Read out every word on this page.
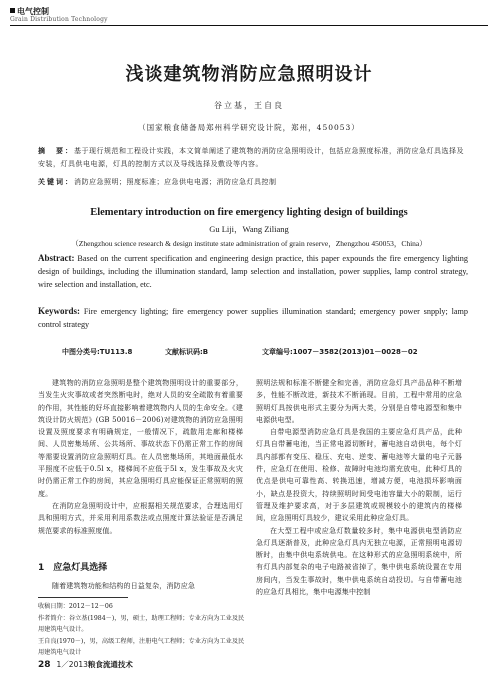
电气控制
Grain Distribution Technology
浅谈建筑物消防应急照明设计
谷立基，王自良
（国家粮食储备局郑州科学研究设计院，郑州，450053）
摘　要：基于现行规范和工程设计实践，本文简单阐述了建筑物的消防应急照明设计，包括应急照度标准，消防应急灯具选择及安装，灯具供电电源，灯具的控制方式以及导线选择及敷设等内容。
关键词：消防应急照明；照度标准；应急供电电源；消防应急灯具控制
Elementary introduction on fire emergency lighting design of buildings
Gu Liji，Wang Ziliang
（Zhengzhou science research & design institute state administration of grain reserve，Zhengzhou 450053，China）
Abstract: Based on the current specification and engineering design practice, this paper expounds the fire emergency lighting design of buildings, including the illumination standard, lamp selection and installation, power supplies, lamp control strategy, wire selection and installation, etc.
Keywords: Fire emergency lighting; fire emergency power supplies illumination standard; emergency power snpply; lamp control strategy
中图分类号:TU113.8	文献标识码:B	文章编号:1007－3582(2013)01－0028－02

建筑物的消防应急照明是整个建筑物照明设计的重要部分，当发生火灾事故或者突然断电时，绝对人员的安全疏散有着重要的作用，其性能的好坏直接影响着建筑物内人员的生命安全。《建筑设计防火规范》(GB 50016－2006)对建筑物的消防应急照明设置及照度要求有明确规定，一般情况下，疏散用走廊和楼梯间、人员密集场所、公共场所、事故状态下仍需正常工作的房间等需要设置消防应急照明灯具。在人员密集场所，其地面最低水平照度不应低于0.5l x，楼梯间不应低于5l x，发生事故及火灾时仍需正常工作的房间，其应急照明灯具应能保证正常照明的照度。

在消防应急照明设计中，应根据相关规范要求，合理选用灯具和照明方式，并采用利用系数法或点照度计算法验证是否满足规范要求的标准照度值。

1　应急灯具选择
随着建筑物功能和结构的日益复杂，消防应急

照明法规和标准不断健全和完善，消防应急灯具产品品种不断增多，性能不断改进，新技术不断涌现。目前，工程中常用的应急照明灯具按供电形式主要分为两大类，分别是自带电源型和集中电源供电型。

自带电源型消防应急灯具是我国的主要应急灯具产品，此种灯具自带蓄电池，当正常电源切断时，蓄电池自动供电，每个灯具内部都有变压、稳压、充电、逆变、蓄电池等大量的电子元器件，应急灯在使用、检修、故障时电池均需充放电，此种灯具的优点是供电可靠性高、转换迅速，增减方便，电池损坏影响面小，缺点是投资大，持续照明时间受电池容量大小的限制，运行管理及维护要求高，对于多层建筑或规模较小的建筑内的楼梯间，应急照明灯具较少，建议采用此种应急灯具。

在大型工程中或应急灯数量较多时，集中电源供电型消防应急灯具逐渐普及，此种应急灯具内无独立电源，正常照明电源切断时，由集中供电系统供电。在这种形式的应急照明系统中，所有灯具内部复杂的电子电路被省掉了，集中供电系统设置在专用房间内，当发生事故时，集中供电系统自动投切。与自带蓄电池的应急灯具相比，集中电源集中控制

收稿日期：2012－12－06

作者简介：谷立基(1984－)，男，硕士，助理工程师；专业方向为工业及民用建筑电气设计。

王自良(1970－)，男，高级工程师，注册电气工程师；专业方向为工业及民用建筑电气设计

28 1／2013粮食流通技术
